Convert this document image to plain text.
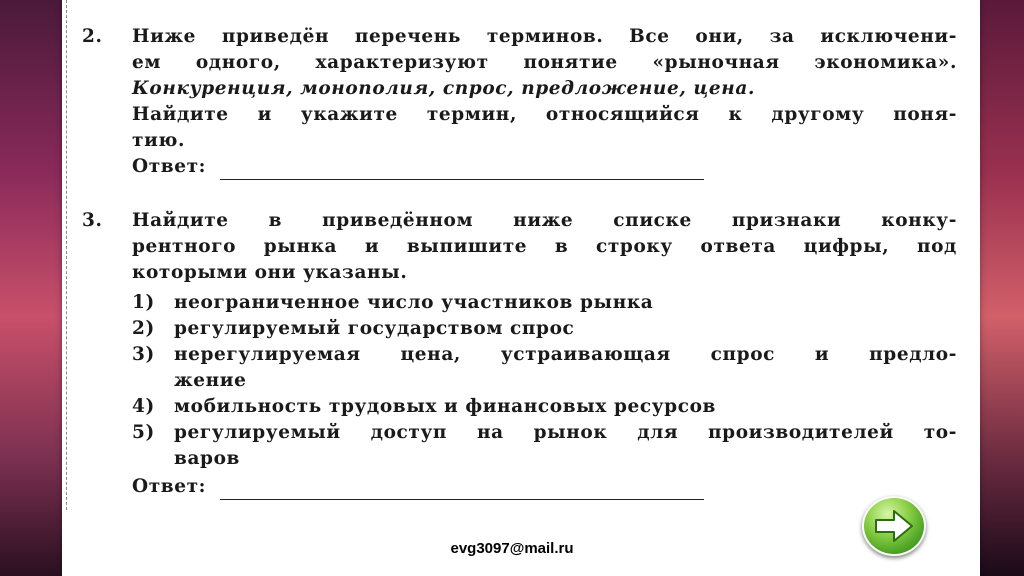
2.	Ниже приведён перечень терминов. Все они, за исключени-
ем одного, характеризуют понятие «рыночная экономика».
Конкуренция, монополия, спрос, предложение, цена.
Найдите и укажите термин, относящийся к другому поня-
тию.
Ответ:
3.	Найдите в приведённом ниже списке признаки конку-
рентного рынка и выпишите в строку ответа цифры, под
которыми они указаны.
1) неограниченное число участников рынка
2) регулируемый государством спрос
3) нерегулируемая цена, устраивающая спрос и предло-
жение
4) мобильность трудовых и финансовых ресурсов
5) регулируемый доступ на рынок для производителей то-
варов
Ответ:
evg3097@mail.ru
